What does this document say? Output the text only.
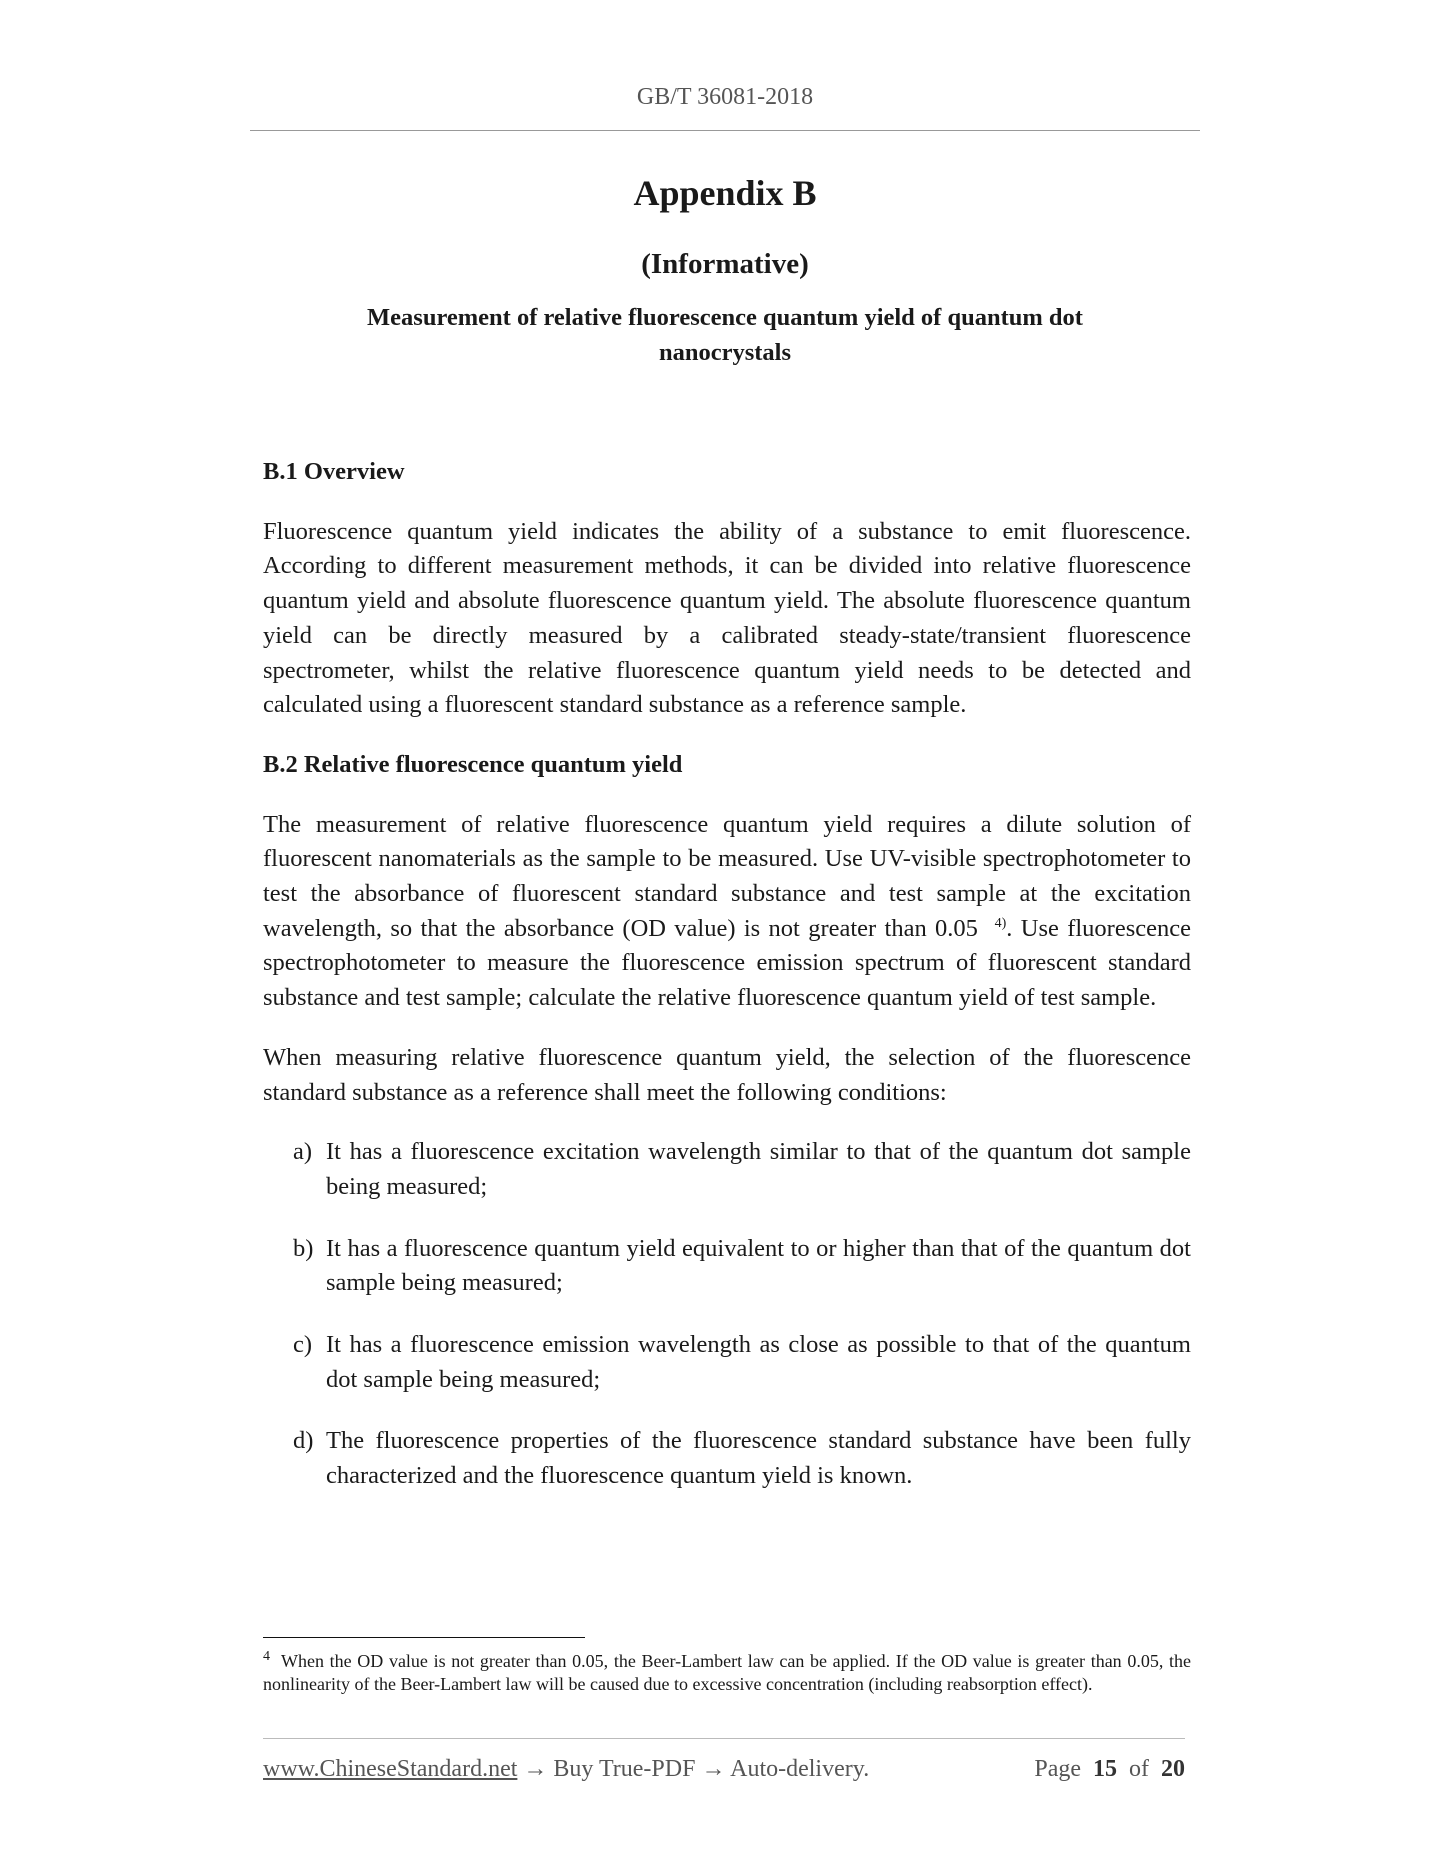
GB/T 36081-2018
Appendix B
(Informative)
Measurement of relative fluorescence quantum yield of quantum dot
nanocrystals
B.1 Overview

Fluorescence quantum yield indicates the ability of a substance to emit fluorescence. According to different measurement methods, it can be divided into relative fluorescence quantum yield and absolute fluorescence quantum yield. The absolute fluorescence quantum yield can be directly measured by a calibrated steady-state/transient fluorescence spectrometer, whilst the relative fluorescence quantum yield needs to be detected and calculated using a fluorescent standard substance as a reference sample.

B.2 Relative fluorescence quantum yield

The measurement of relative fluorescence quantum yield requires a dilute solution of fluorescent nanomaterials as the sample to be measured. Use UV-visible spectrophotometer to test the absorbance of fluorescent standard substance and test sample at the excitation wavelength, so that the absorbance (OD value) is not greater than 0.05 $^{4)}$. Use fluorescence spectrophotometer to measure the fluorescence emission spectrum of fluorescent standard substance and test sample; calculate the relative fluorescence quantum yield of test sample.

When measuring relative fluorescence quantum yield, the selection of the fluorescence standard substance as a reference shall meet the following conditions:

a) It has a fluorescence excitation wavelength similar to that of the quantum dot sample being measured;
b) It has a fluorescence quantum yield equivalent to or higher than that of the quantum dot sample being measured;
c) It has a fluorescence emission wavelength as close as possible to that of the quantum dot sample being measured;
d) The fluorescence properties of the fluorescence standard substance have been fully characterized and the fluorescence quantum yield is known.
$^4$ When the OD value is not greater than 0.05, the Beer-Lambert law can be applied. If the OD value is greater than 0.05, the nonlinearity of the Beer-Lambert law will be caused due to excessive concentration (including reabsorption effect).
www.ChineseStandard.net → Buy True-PDF → Auto-delivery.	Page 15 of 20
